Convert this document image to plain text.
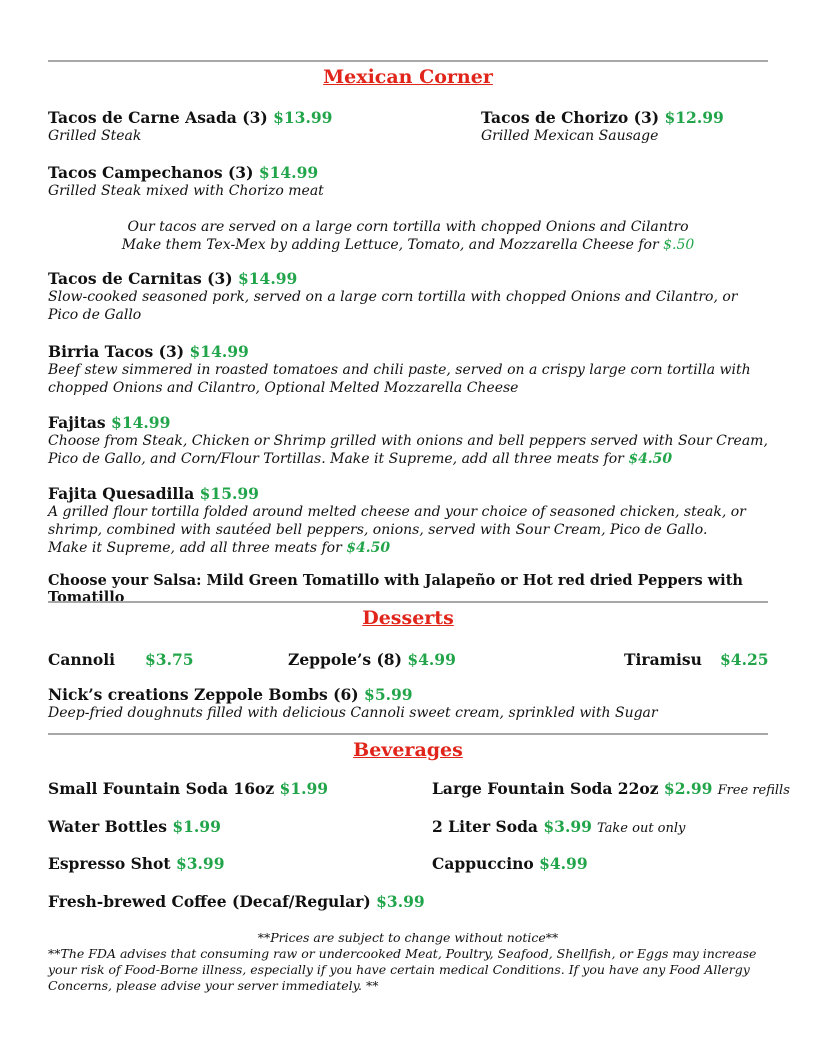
Mexican Corner
Tacos de Carne Asada (3) $13.99
Grilled Steak
Tacos de Chorizo (3) $12.99
Grilled Mexican Sausage
Tacos Campechanos (3) $14.99
Grilled Steak mixed with Chorizo meat
Our tacos are served on a large corn tortilla with chopped Onions and Cilantro
Make them Tex-Mex by adding Lettuce, Tomato, and Mozzarella Cheese for $.50
Tacos de Carnitas (3) $14.99
Slow-cooked seasoned pork, served on a large corn tortilla with chopped Onions and Cilantro, or Pico de Gallo
Birria Tacos (3) $14.99
Beef stew simmered in roasted tomatoes and chili paste, served on a crispy large corn tortilla with chopped Onions and Cilantro, Optional Melted Mozzarella Cheese
Fajitas $14.99
Choose from Steak, Chicken or Shrimp grilled with onions and bell peppers served with Sour Cream, Pico de Gallo, and Corn/Flour Tortillas. Make it Supreme, add all three meats for $4.50
Fajita Quesadilla $15.99
A grilled flour tortilla folded around melted cheese and your choice of seasoned chicken, steak, or shrimp, combined with sautéed bell peppers, onions, served with Sour Cream, Pico de Gallo.
Make it Supreme, add all three meats for $4.50
Choose your Salsa: Mild Green Tomatillo with Jalapeño or Hot red dried Peppers with Tomatillo
Desserts
Cannoli $3.75	Zeppole’s (8) $4.99	Tiramisu $4.25
Nick’s creations Zeppole Bombs (6) $5.99
Deep-fried doughnuts filled with delicious Cannoli sweet cream, sprinkled with Sugar
Beverages
Small Fountain Soda 16oz $1.99	Large Fountain Soda 22oz $2.99 Free refills
Water Bottles $1.99	2 Liter Soda $3.99 Take out only
Espresso Shot $3.99	Cappuccino $4.99
Fresh-brewed Coffee (Decaf/Regular) $3.99
**Prices are subject to change without notice**
**The FDA advises that consuming raw or undercooked Meat, Poultry, Seafood, Shellfish, or Eggs may increase your risk of Food-Borne illness, especially if you have certain medical Conditions. If you have any Food Allergy Concerns, please advise your server immediately. **
